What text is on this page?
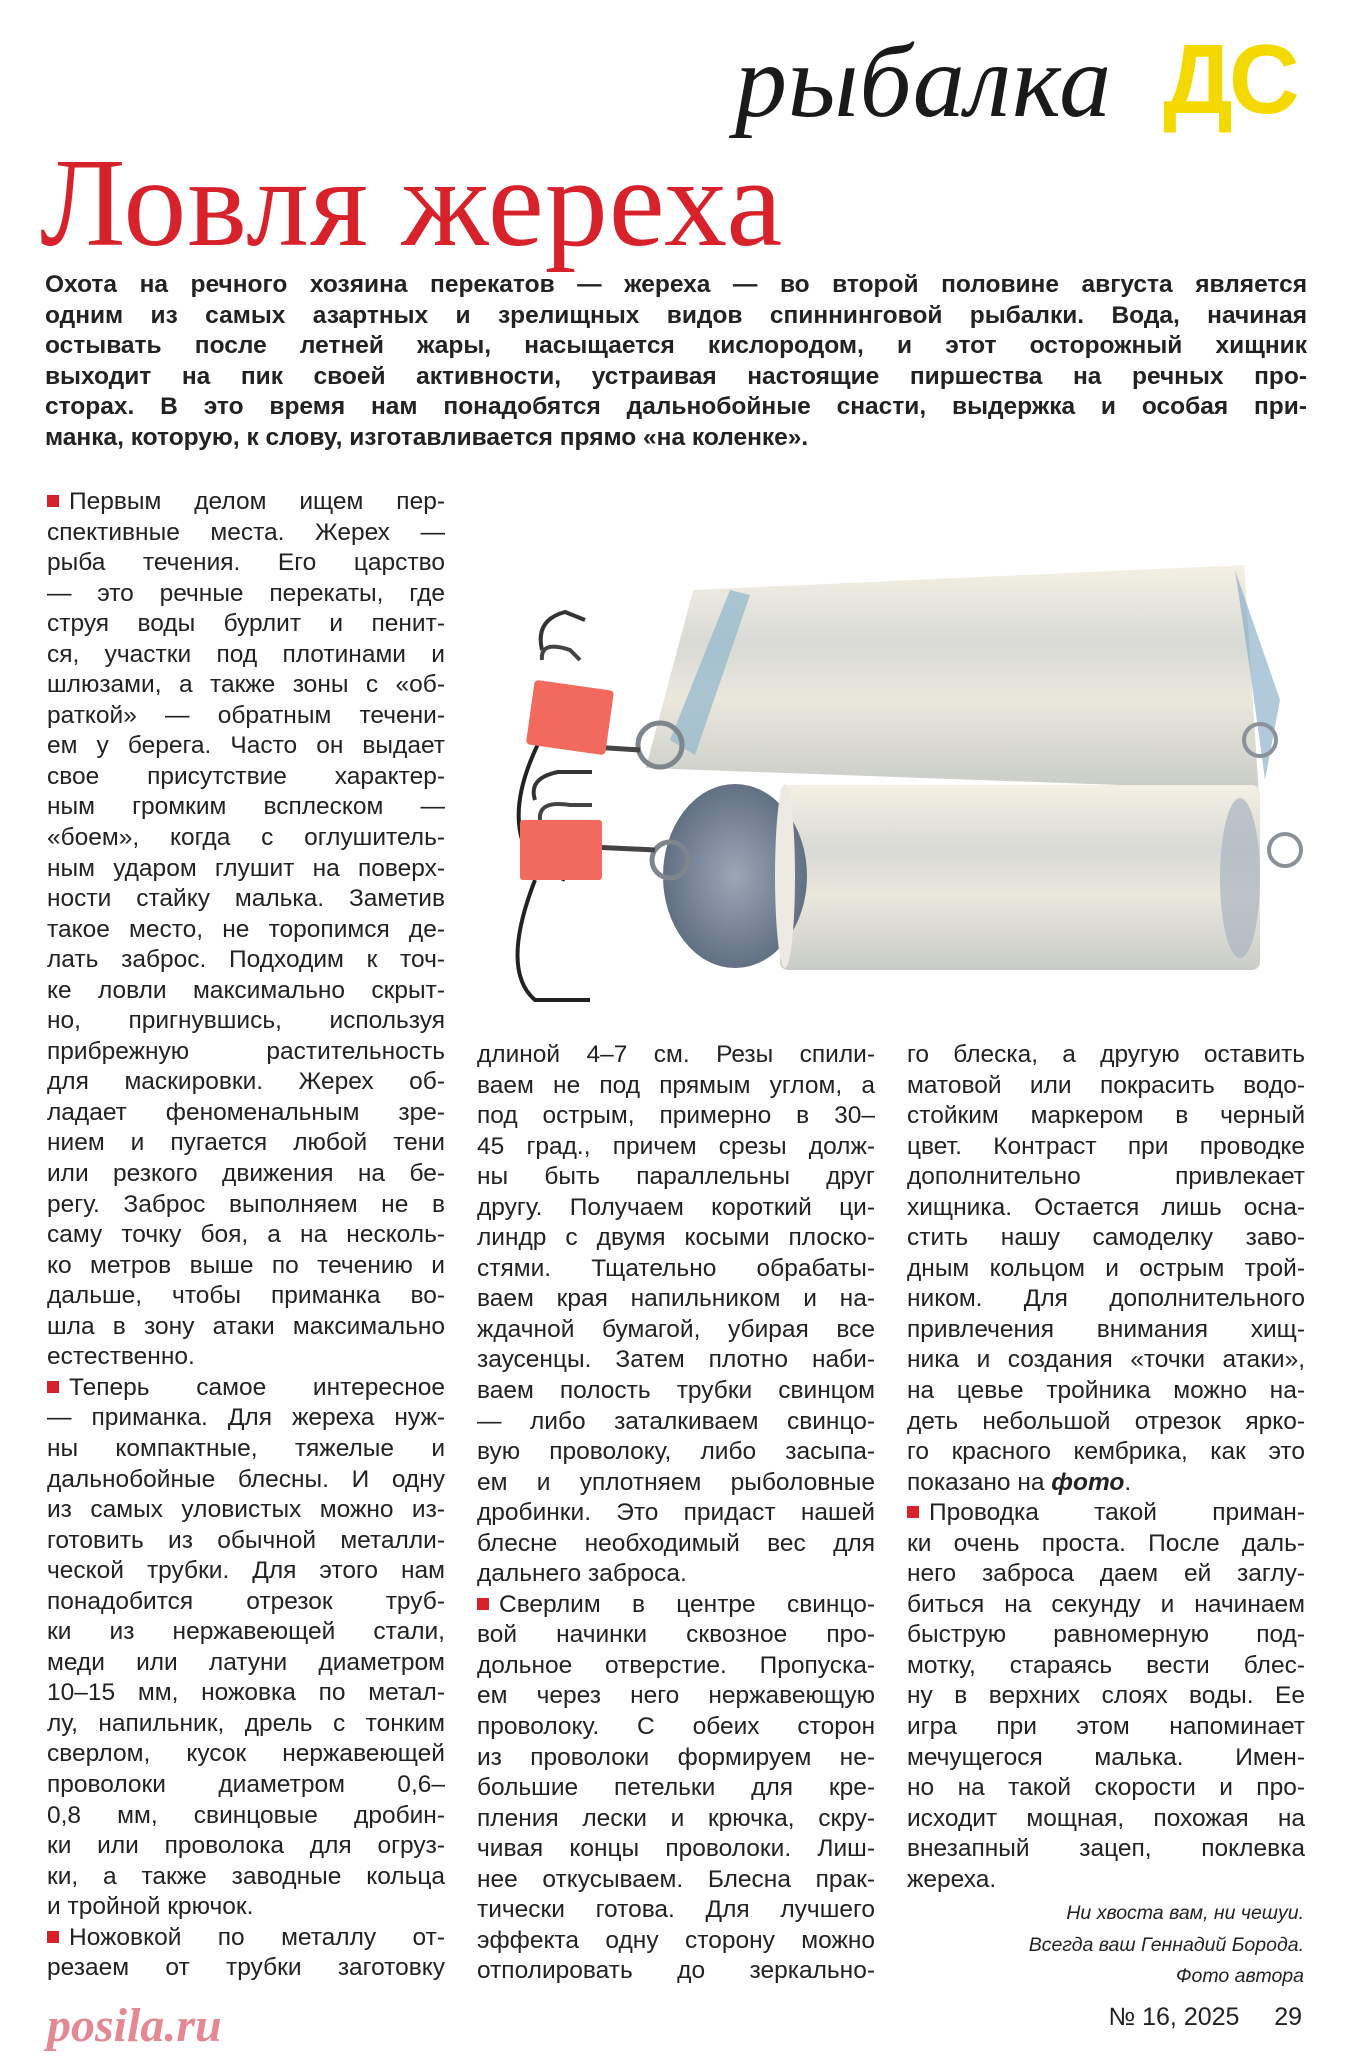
рыбалка ДС
Ловля жереха
Охота на речного хозяина перекатов — жереха — во второй половине августа является
одним из самых азартных и зрелищных видов спиннинговой рыбалки. Вода, начиная
остывать после летней жары, насыщается кислородом, и этот осторожный хищник
выходит на пик своей активности, устраивая настоящие пиршества на речных про-
сторах. В это время нам понадобятся дальнобойные снасти, выдержка и особая при-
манка, которую, к слову, изготавливается прямо «на коленке».
Первым делом ищем пер-
спективные места. Жерех —
рыба течения. Его царство
— это речные перекаты, где
струя воды бурлит и пенит-
ся, участки под плотинами и
шлюзами, а также зоны с «об-
раткой» — обратным течени-
ем у берега. Часто он выдает
свое присутствие характер-
ным громким всплеском —
«боем», когда с оглушитель-
ным ударом глушит на поверх-
ности стайку малька. Заметив
такое место, не торопимся де-
лать заброс. Подходим к точ-
ке ловли максимально скрыт-
но, пригнувшись, используя
прибрежную растительность
для маскировки. Жерех об-
ладает феноменальным зре-
нием и пугается любой тени
или резкого движения на бе-
регу. Заброс выполняем не в
саму точку боя, а на несколь-
ко метров выше по течению и
дальше, чтобы приманка во-
шла в зону атаки максимально
естественно.
Теперь самое интересное
— приманка. Для жереха нуж-
ны компактные, тяжелые и
дальнобойные блесны. И одну
из самых уловистых можно из-
готовить из обычной металли-
ческой трубки. Для этого нам
понадобится отрезок труб-
ки из нержавеющей стали,
меди или латуни диаметром
10–15 мм, ножовка по метал-
лу, напильник, дрель с тонким
сверлом, кусок нержавеющей
проволоки диаметром 0,6–
0,8 мм, свинцовые дробин-
ки или проволока для огруз-
ки, а также заводные кольца
и тройной крючок.
Ножовкой по металлу от-
резаем от трубки заготовку
длиной 4–7 см. Резы спили-
ваем не под прямым углом, а
под острым, примерно в 30–
45 град., причем срезы долж-
ны быть параллельны друг
другу. Получаем короткий ци-
линдр с двумя косыми плоско-
стями. Тщательно обрабаты-
ваем края напильником и на-
ждачной бумагой, убирая все
заусенцы. Затем плотно наби-
ваем полость трубки свинцом
— либо заталкиваем свинцо-
вую проволоку, либо засыпа-
ем и уплотняем рыболовные
дробинки. Это придаст нашей
блесне необходимый вес для
дальнего заброса.
Сверлим в центре свинцо-
вой начинки сквозное про-
дольное отверстие. Пропуска-
ем через него нержавеющую
проволоку. С обеих сторон
из проволоки формируем не-
большие петельки для кре-
пления лески и крючка, скру-
чивая концы проволоки. Лиш-
нее откусываем. Блесна прак-
тически готова. Для лучшего
эффекта одну сторону можно
отполировать до зеркально-
го блеска, а другую оставить
матовой или покрасить водо-
стойким маркером в черный
цвет. Контраст при проводке
дополнительно привлекает
хищника. Остается лишь осна-
стить нашу самоделку заво-
дным кольцом и острым трой-
ником. Для дополнительного
привлечения внимания хищ-
ника и создания «точки атаки»,
на цевье тройника можно на-
деть небольшой отрезок ярко-
го красного кембрика, как это
показано на фото.
Проводка такой приман-
ки очень проста. После даль-
него заброса даем ей заглу-
биться на секунду и начинаем
быструю равномерную под-
мотку, стараясь вести блес-
ну в верхних слоях воды. Ее
игра при этом напоминает
мечущегося малька. Имен-
но на такой скорости и про-
исходит мощная, похожая на
внезапный зацеп, поклевка
жереха.
Ни хвоста вам, ни чешуи.
Всегда ваш Геннадий Борода.
Фото автора
№ 16, 2025 29
posila.ru
